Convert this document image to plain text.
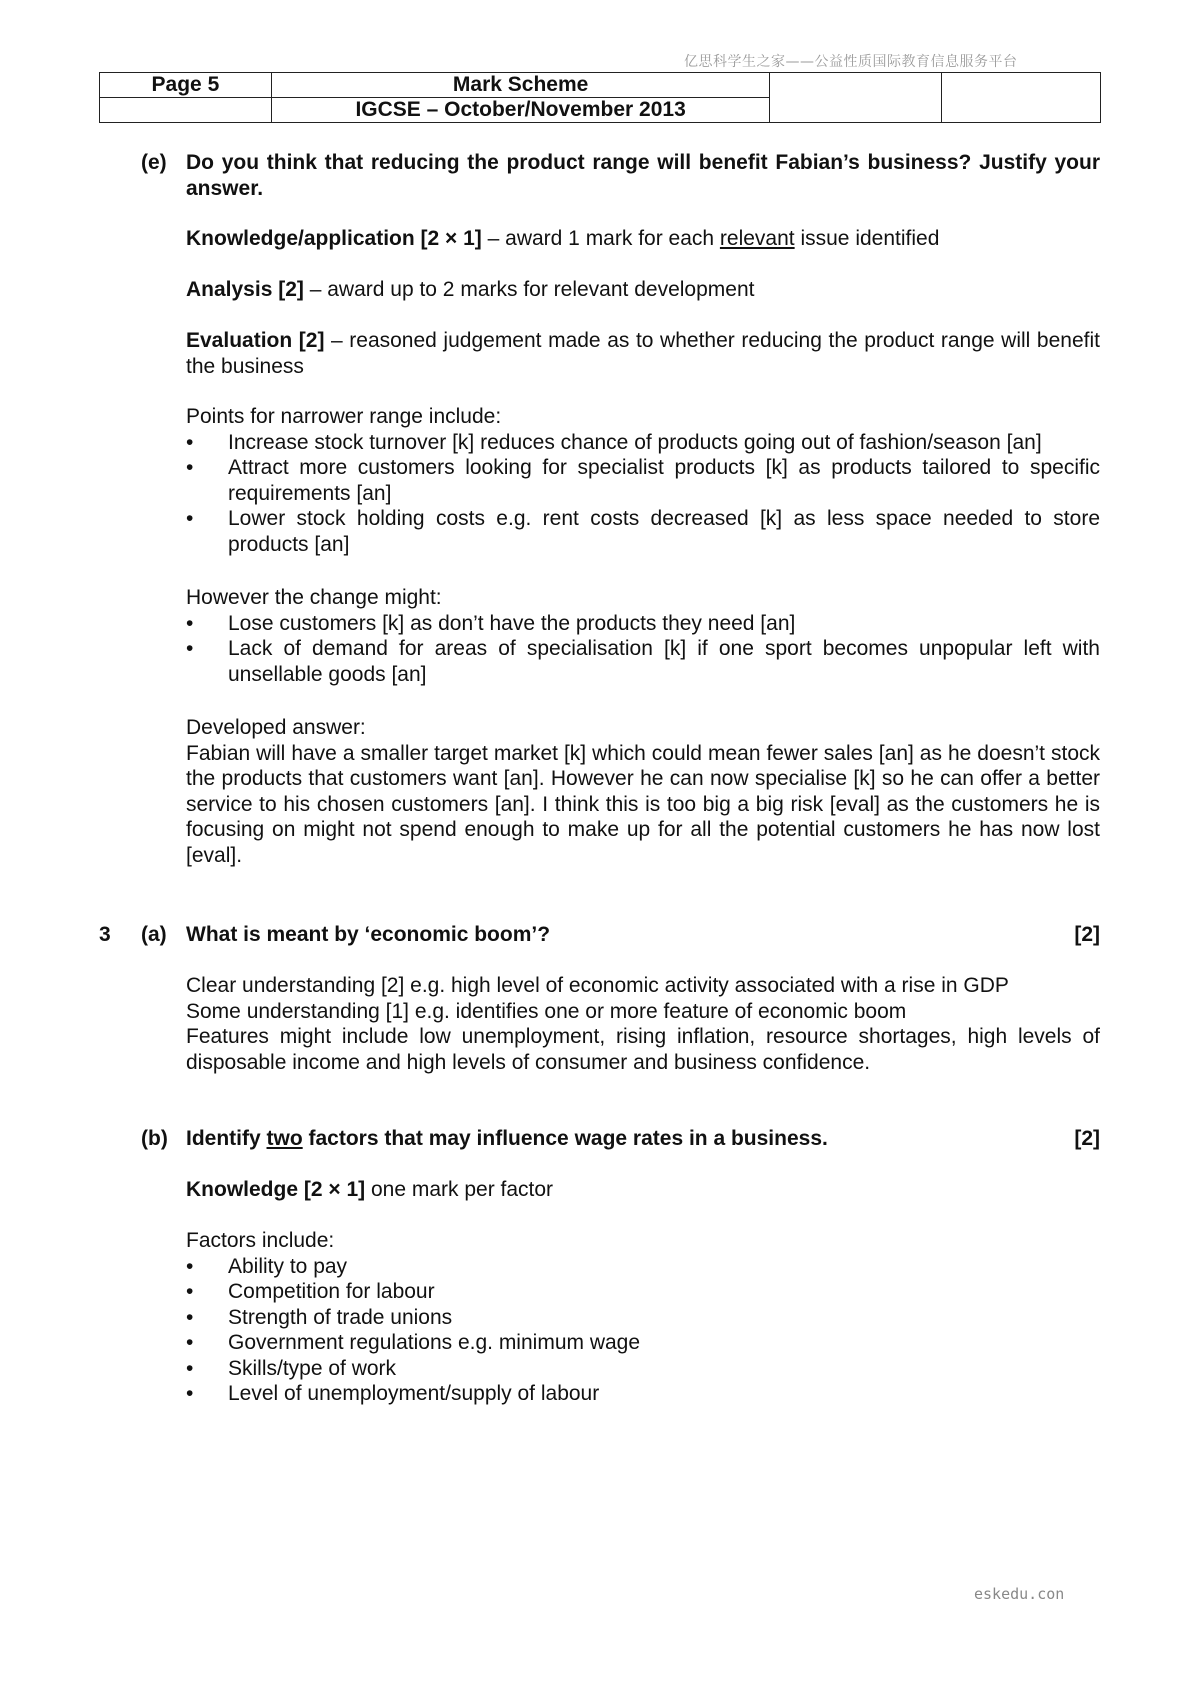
亿思科学生之家——公益性质国际教育信息服务平台
Page 5	Mark Scheme		
	IGCSE – October/November 2013		
(e) Do you think that reducing the product range will benefit Fabian’s business? Justify your answer.
Knowledge/application [2 × 1] – award 1 mark for each relevant issue identified
Analysis [2] – award up to 2 marks for relevant development
Evaluation [2] – reasoned judgement made as to whether reducing the product range will benefit the business

Points for narrower range include:

• Increase stock turnover [k] reduces chance of products going out of fashion/season [an]
• Attract more customers looking for specialist products [k] as products tailored to specific requirements [an]
• Lower stock holding costs e.g. rent costs decreased [k] as less space needed to store products [an]

However the change might:

• Lose customers [k] as don’t have the products they need [an]
• Lack of demand for areas of specialisation [k] if one sport becomes unpopular left with unsellable goods [an]

Developed answer:

Fabian will have a smaller target market [k] which could mean fewer sales [an] as he doesn’t stock the products that customers want [an]. However he can now specialise [k] so he can offer a better service to his chosen customers [an]. I think this is too big a big risk [eval] as the customers he is focusing on might not spend enough to make up for all the potential customers he has now lost [eval].

3 (a) What is meant by ‘economic boom’?	[2]

Clear understanding [2] e.g. high level of economic activity associated with a rise in GDP

Some understanding [1] e.g. identifies one or more feature of economic boom

Features might include low unemployment, rising inflation, resource shortages, high levels of disposable income and high levels of consumer and business confidence.

(b) Identify two factors that may influence wage rates in a business.	[2]
Knowledge [2 × 1] one mark per factor

Factors include:

• Ability to pay
• Competition for labour
• Strength of trade unions
• Government regulations e.g. minimum wage
• Skills/type of work
• Level of unemployment/supply of labour
eskedu.con
